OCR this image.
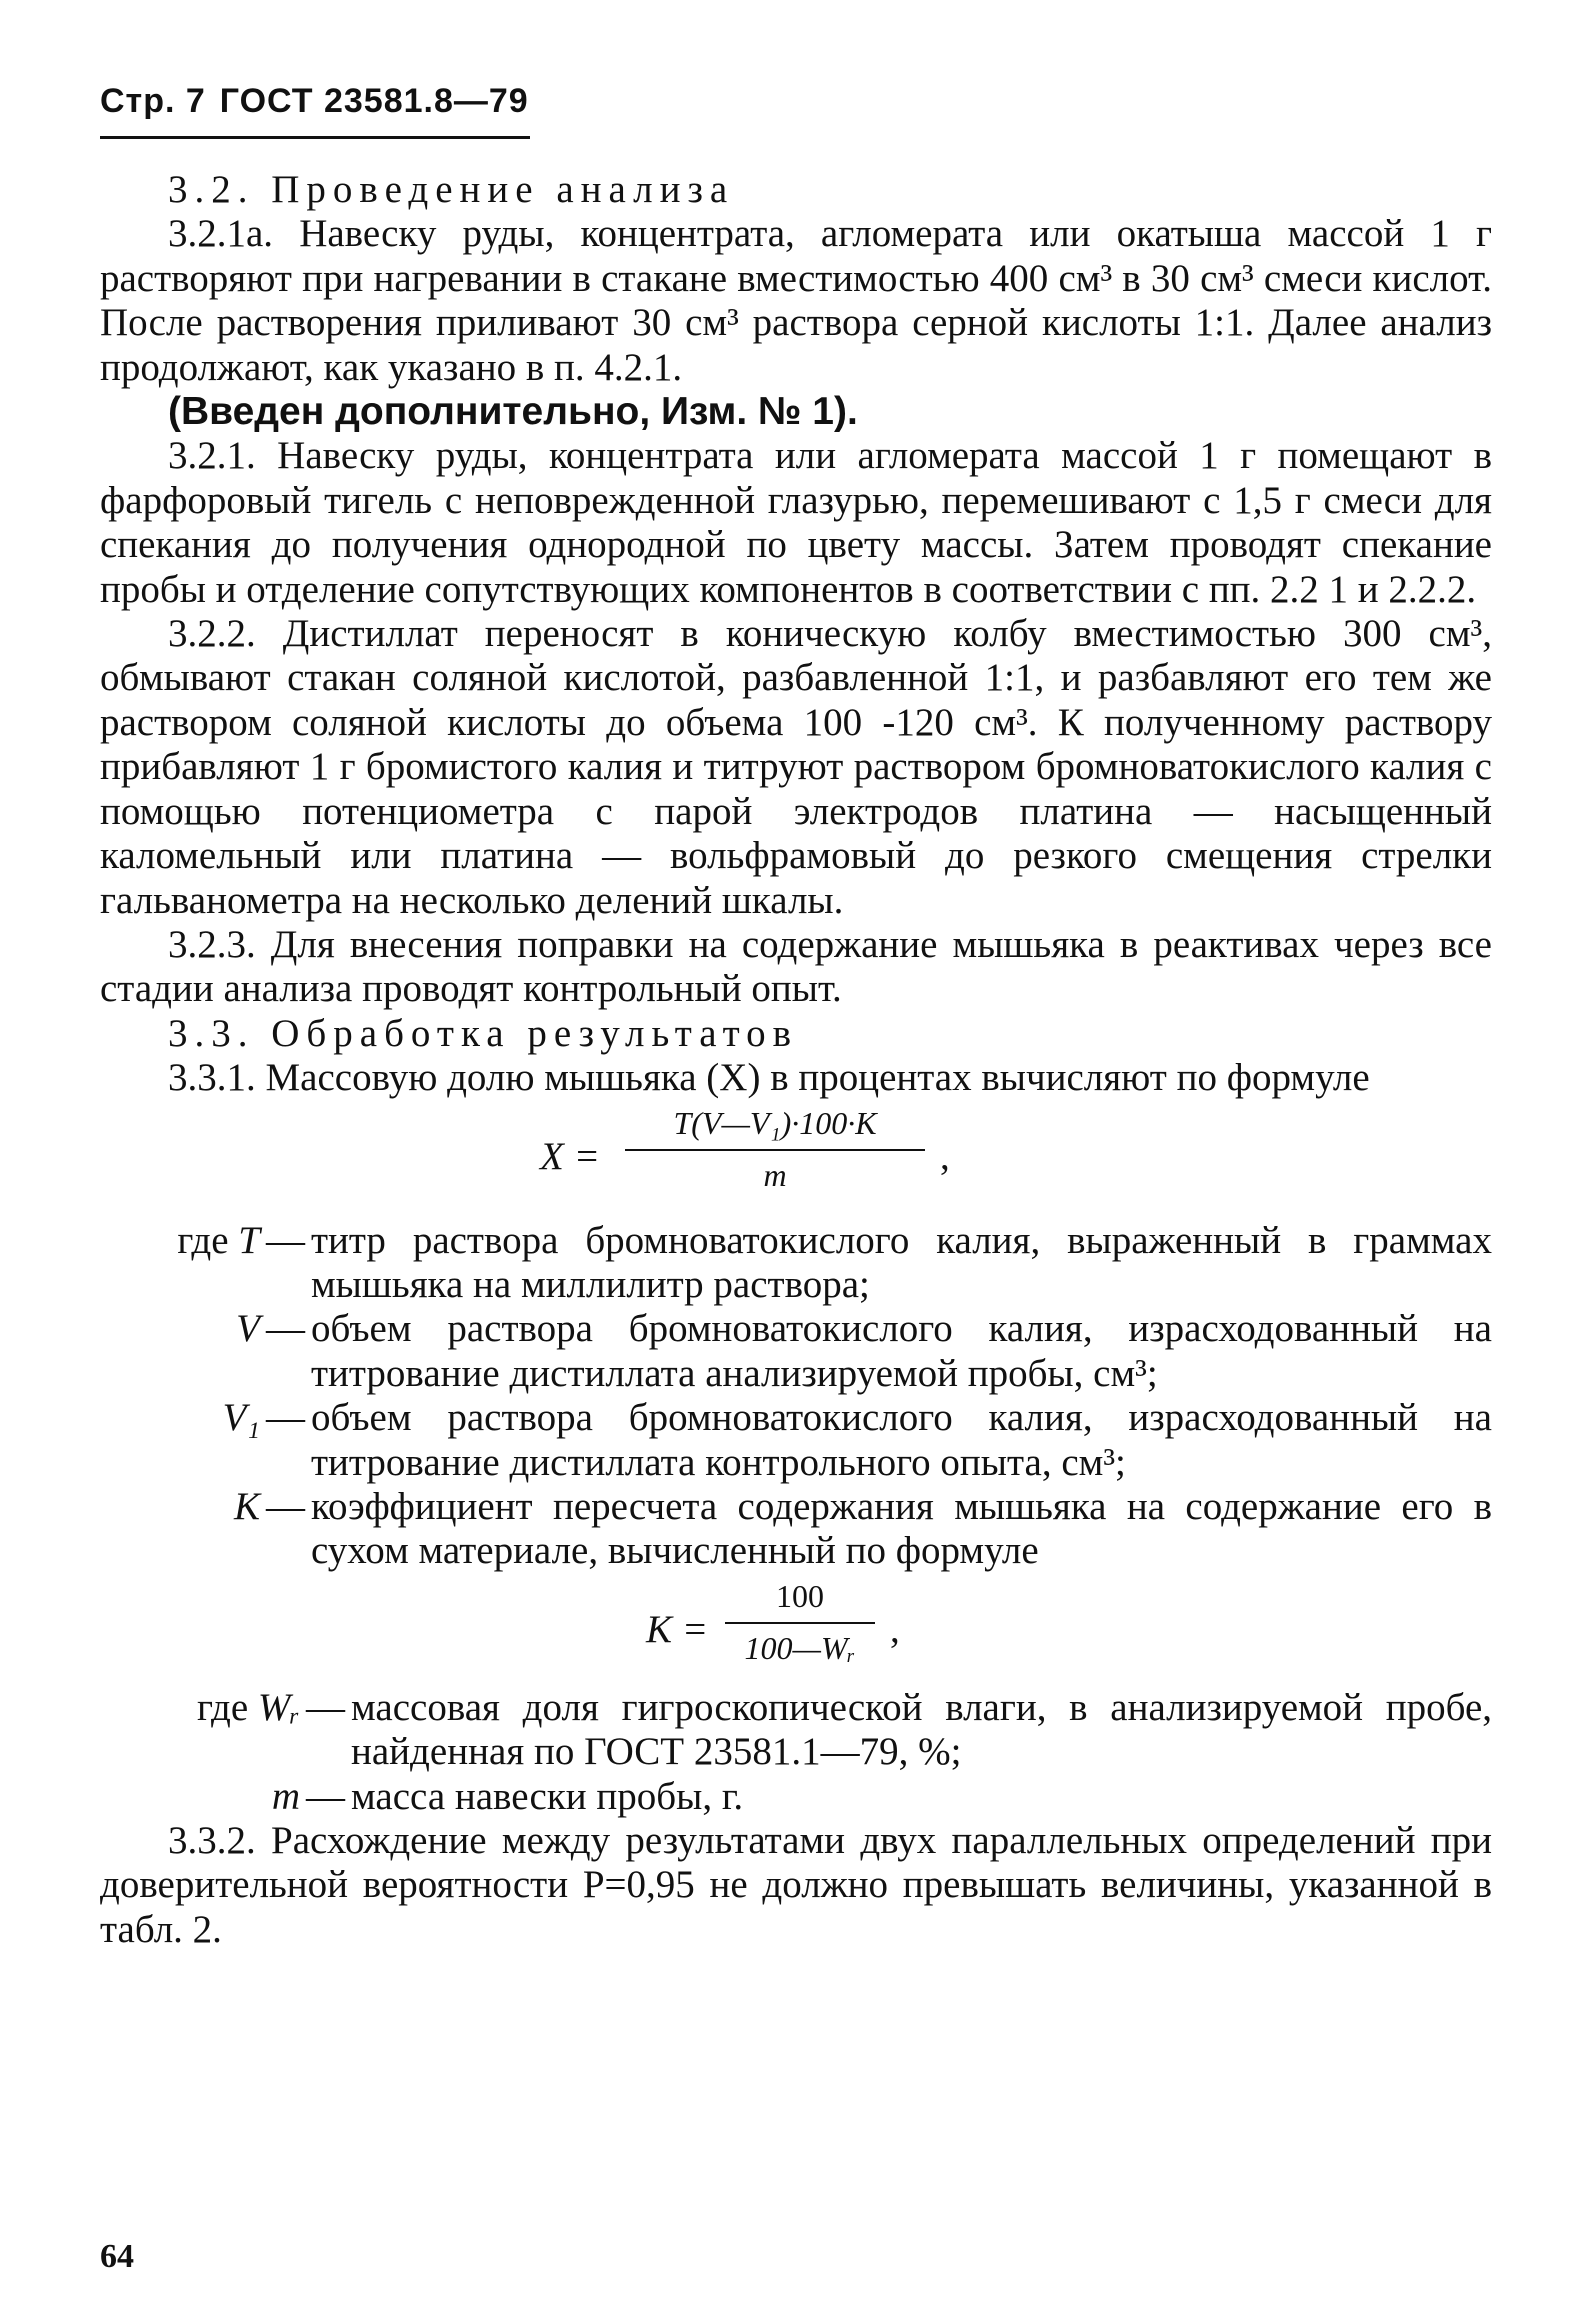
Стр. 7 ГОСТ 23581.8—79

3.2. Проведение анализа

3.2.1а. Навеску руды, концентрата, агломерата или окатыша массой 1 г растворяют при нагревании в стакане вместимостью 400 см³ в 30 см³ смеси кислот. После растворения приливают 30 см³ раствора серной кислоты 1:1. Далее анализ продолжают, как указано в п. 4.2.1.

(Введен дополнительно, Изм. № 1).

3.2.1. Навеску руды, концентрата или агломерата массой 1 г помещают в фарфоровый тигель с неповрежденной глазурью, перемешивают с 1,5 г смеси для спекания до получения однородной по цвету массы. Затем проводят спекание пробы и отделение сопутствующих компонентов в соответствии с пп. 2.2 1 и 2.2.2.

3.2.2. Дистиллат переносят в коническую колбу вместимостью 300 см³, обмывают стакан соляной кислотой, разбавленной 1:1, и разбавляют его тем же раствором соляной кислоты до объема 100 -120 см³. К полученному раствору прибавляют 1 г бромистого калия и титруют раствором бромноватокислого калия с помощью потенциометра с парой электродов платина — насыщенный каломельный или платина — вольфрамовый до резкого смещения стрелки гальванометра на несколько делений шкалы.

3.2.3. Для внесения поправки на содержание мышьяка в реактивах через все стадии анализа проводят контрольный опыт.

3.3. Обработка результатов

3.3.1. Массовую долю мышьяка (X) в процентах вычисляют по формуле

X =
T(V—V₁)·100·K
m	,
где T — титр раствора бромноватокислого калия, выраженный в граммах мышьяка на миллилитр раствора;
V — объем раствора бромноватокислого калия, израсходованный на титрование дистиллата анализируемой пробы, см³;
V₁ — объем раствора бромноватокислого калия, израсходованный на титрование дистиллата контрольного опыта, см³;
K — коэффициент пересчета содержания мышьяка на содержание его в сухом материале, вычисленный по формуле
K =
100
100—Wᵣ ,
где Wᵣ — массовая доля гигроскопической влаги, в анализируемой пробе, найденная по ГОСТ 23581.1—79, %;
m — масса навески пробы, г.

3.3.2. Расхождение между результатами двух параллельных определений при доверительной вероятности P=0,95 не должно превышать величины, указанной в табл. 2.

64
